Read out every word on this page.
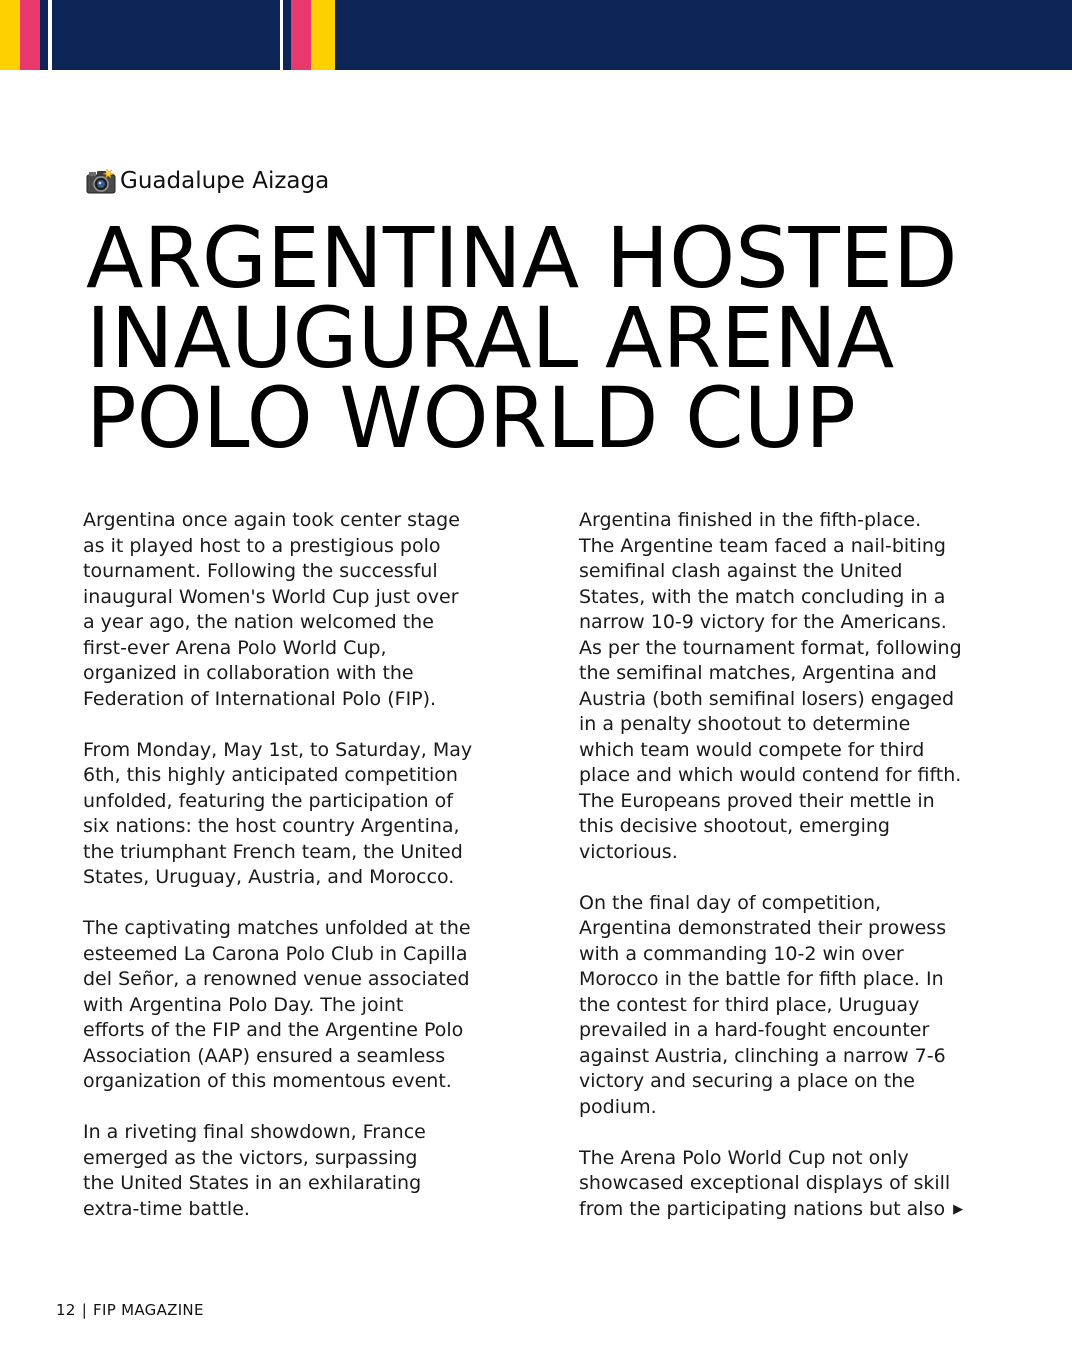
Guadalupe Aizaga
ARGENTINA HOSTED
INAUGURAL ARENA
POLO WORLD CUP

Argentina once again took center stage
as it played host to a prestigious polo
tournament. Following the successful
inaugural Women's World Cup just over
a year ago, the nation welcomed the
first-ever Arena Polo World Cup,
organized in collaboration with the
Federation of International Polo (FIP).

From Monday, May 1st, to Saturday, May
6th, this highly anticipated competition
unfolded, featuring the participation of
six nations: the host country Argentina,
the triumphant French team, the United
States, Uruguay, Austria, and Morocco.

The captivating matches unfolded at the
esteemed La Carona Polo Club in Capilla
del Señor, a renowned venue associated
with Argentina Polo Day. The joint
efforts of the FIP and the Argentine Polo
Association (AAP) ensured a seamless
organization of this momentous event.

In a riveting final showdown, France
emerged as the victors, surpassing
the United States in an exhilarating
extra-time battle.

Argentina finished in the fifth-place.
The Argentine team faced a nail-biting
semifinal clash against the United
States, with the match concluding in a
narrow 10-9 victory for the Americans.
As per the tournament format, following
the semifinal matches, Argentina and
Austria (both semifinal losers) engaged
in a penalty shootout to determine
which team would compete for third
place and which would contend for fifth.
The Europeans proved their mettle in
this decisive shootout, emerging
victorious.

On the final day of competition,
Argentina demonstrated their prowess
with a commanding 10-2 win over
Morocco in the battle for fifth place. In
the contest for third place, Uruguay
prevailed in a hard-fought encounter
against Austria, clinching a narrow 7-6
victory and securing a place on the
podium.

The Arena Polo World Cup not only
showcased exceptional displays of skill
from the participating nations but also ▶

12 | FIP MAGAZINE
